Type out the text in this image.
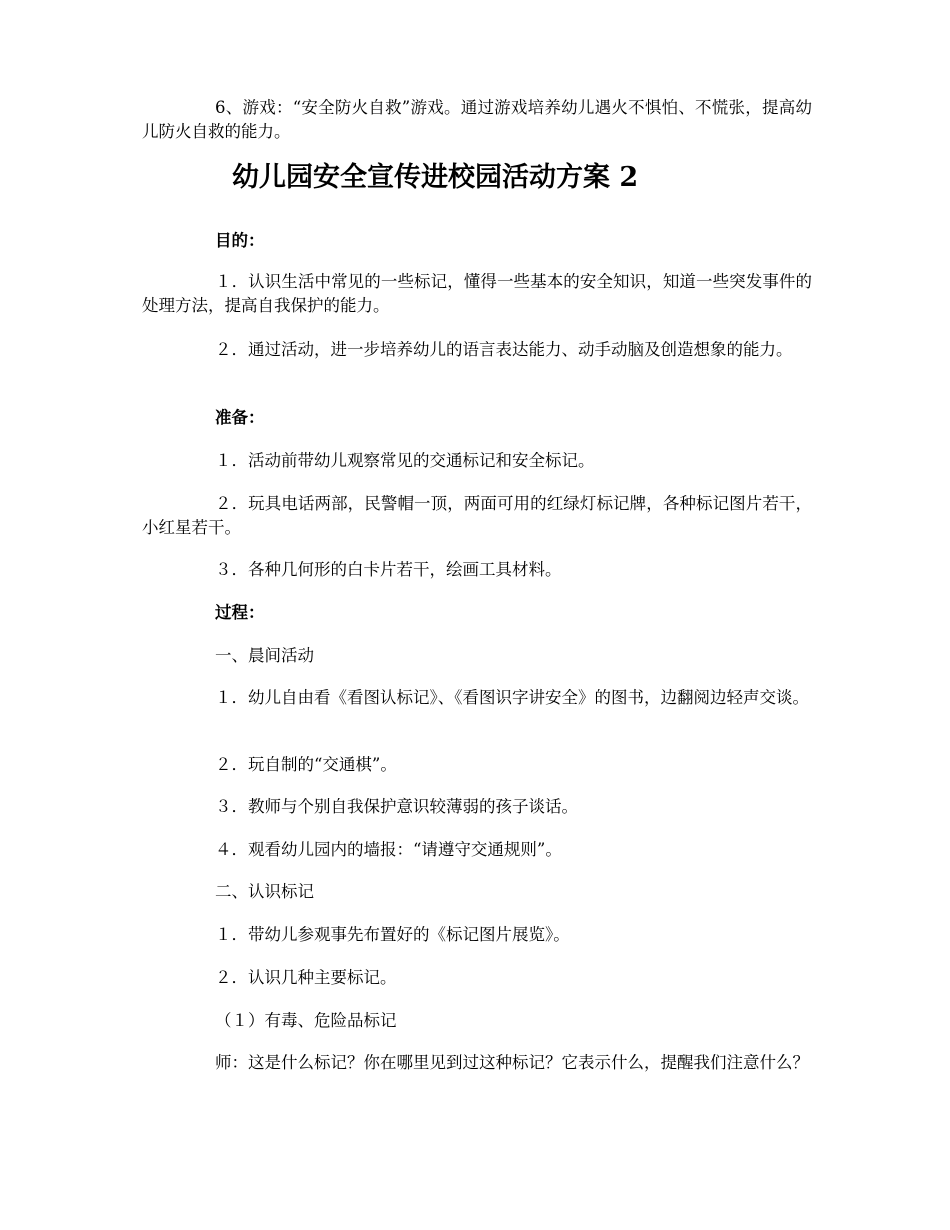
6、游戏：“安全防火自救”游戏。通过游戏培养幼儿遇火不惧怕、不慌张，提高幼儿防火自救的能力。

幼儿园安全宣传进校园活动方案 2

目的：

１．认识生活中常见的一些标记，懂得一些基本的安全知识，知道一些突发事件的处理方法，提高自我保护的能力。

２．通过活动，进一步培养幼儿的语言表达能力、动手动脑及创造想象的能力。

准备：

１．活动前带幼儿观察常见的交通标记和安全标记。

２．玩具电话两部，民警帽一顶，两面可用的红绿灯标记牌，各种标记图片若干，小红星若干。

３．各种几何形的白卡片若干，绘画工具材料。

过程：

一、晨间活动

１．幼儿自由看《看图认标记》、《看图识字讲安全》的图书，边翻阅边轻声交谈。

２．玩自制的“交通棋”。

３．教师与个别自我保护意识较薄弱的孩子谈话。

４．观看幼儿园内的墙报：“请遵守交通规则”。

二、认识标记

１．带幼儿参观事先布置好的《标记图片展览》。

２．认识几种主要标记。

（１）有毒、危险品标记

师：这是什么标记？你在哪里见到过这种标记？它表示什么，提醒我们注意什么？
